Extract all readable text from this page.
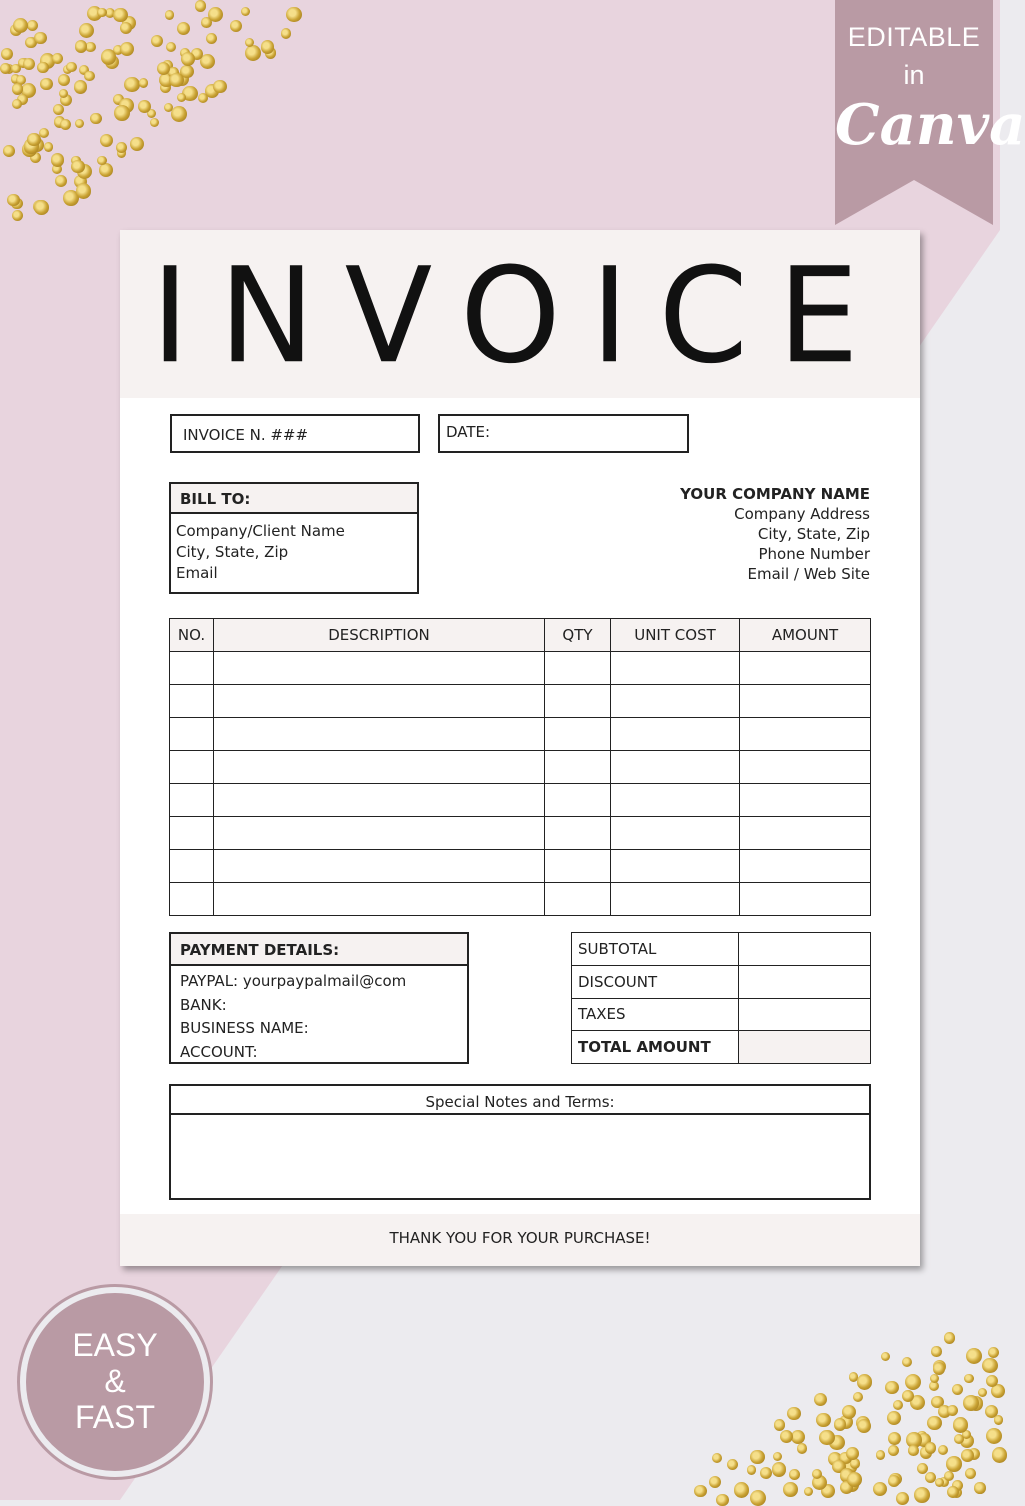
EDITABLE
in
Canva
EASY
&
FAST
INVOICE
INVOICE N. ###	DATE:
BILL TO:
Company/Client Name
City, State, Zip
Email
YOUR COMPANY NAME
Company Address
City, State, Zip
Phone Number
Email / Web Site
NO.	DESCRIPTION	QTY	UNIT COST	AMOUNT

PAYMENT DETAILS:
PAYPAL: yourpaypalmail@com
BANK:
BUSINESS NAME:
ACCOUNT:
SUBTOTAL	
DISCOUNT	
TAXES	
TOTAL AMOUNT	
Special Notes and Terms:
THANK YOU FOR YOUR PURCHASE!
